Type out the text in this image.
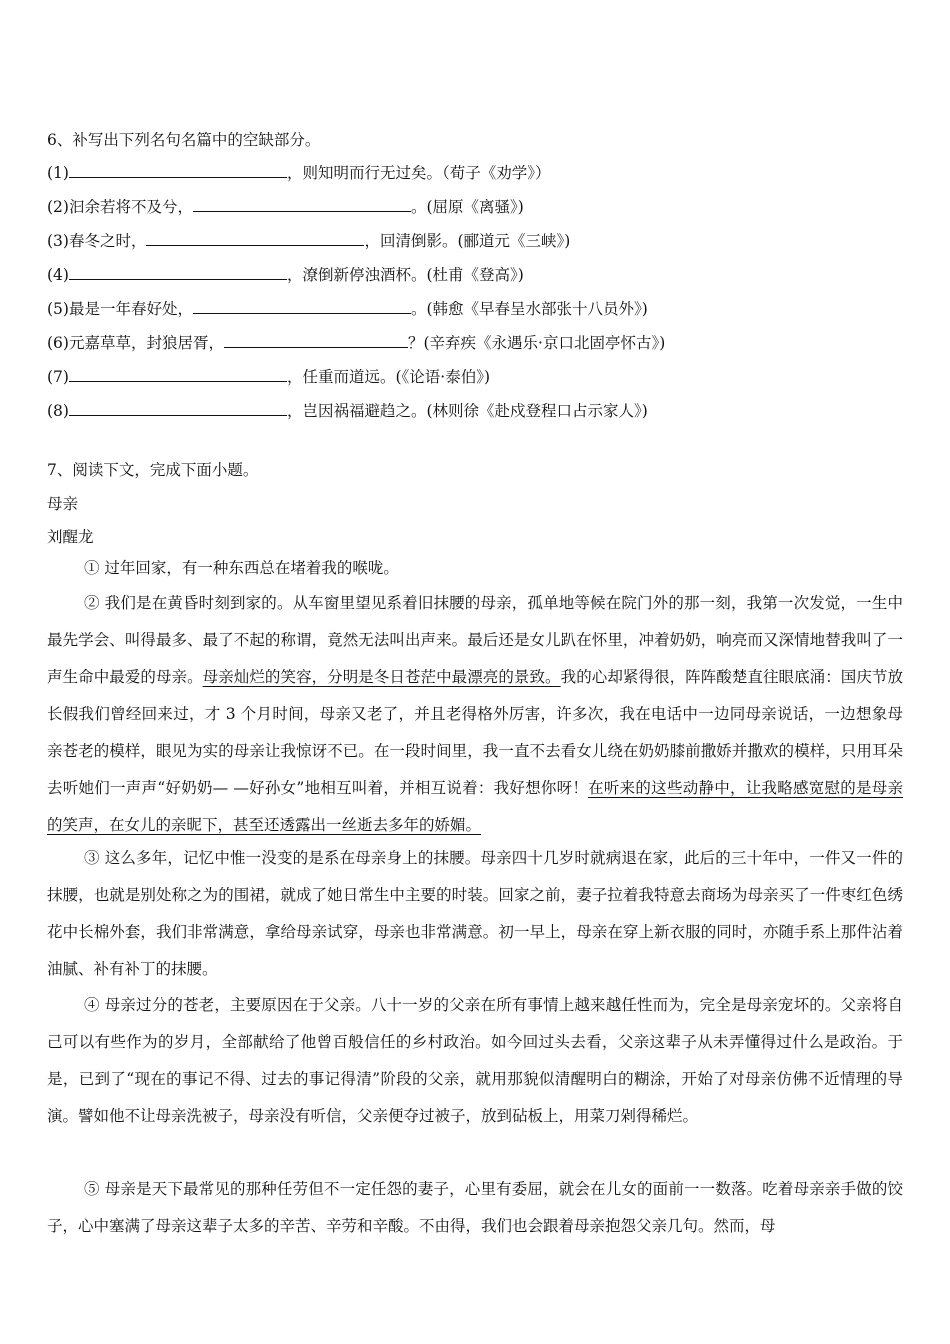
6、补写出下列名句名篇中的空缺部分。
(1)	，则知明而行无过矣。（荀子《劝学》）
(2)汩余若将不及兮，	。(屈原《离骚》)
(3)春冬之时，	，回清倒影。(郦道元《三峡》)
(4)	，潦倒新停浊酒杯。(杜甫《登高》)
(5)最是一年春好处，	。(韩愈《早春呈水部张十八员外》)
(6)元嘉草草，封狼居胥，	？(辛弃疾《永遇乐·京口北固亭怀古》)
(7)	，任重而道远。(《论语·泰伯》)
(8)	，岂因祸福避趋之。(林则徐《赴戍登程口占示家人》)
7、阅读下文，完成下面小题。
母亲
刘醒龙

① 过年回家，有一种东西总在堵着我的喉咙。

② 我们是在黄昏时刻到家的。从车窗里望见系着旧抹腰的母亲，孤单地等候在院门外的那一刻，我第一次发觉，一生中最先学会、叫得最多、最了不起的称谓，竟然无法叫出声来。最后还是女儿趴在怀里，冲着奶奶，响亮而又深情地替我叫了一声生命中最爱的母亲。母亲灿烂的笑容，分明是冬日苍茫中最漂亮的景致。我的心却紧得很，阵阵酸楚直往眼底涌：国庆节放长假我们曾经回来过，才 3 个月时间，母亲又老了，并且老得格外厉害，许多次，我在电话中一边同母亲说话，一边想象母亲苍老的模样，眼见为实的母亲让我惊讶不已。在一段时间里，我一直不去看女儿绕在奶奶膝前撒娇并撒欢的模样，只用耳朵去听她们一声声“好奶奶— —好孙女”地相互叫着，并相互说着：我好想你呀！在听来的这些动静中，让我略感宽慰的是母亲的笑声，在女儿的亲昵下，甚至还透露出一丝逝去多年的娇媚。

③ 这么多年，记忆中惟一没变的是系在母亲身上的抹腰。母亲四十几岁时就病退在家，此后的三十年中，一件又一件的抹腰，也就是别处称之为的围裙，就成了她日常生中主要的时装。回家之前，妻子拉着我特意去商场为母亲买了一件枣红色绣花中长棉外套，我们非常满意，拿给母亲试穿，母亲也非常满意。初一早上，母亲在穿上新衣服的同时，亦随手系上那件沾着油腻、补有补丁的抹腰。

④ 母亲过分的苍老，主要原因在于父亲。八十一岁的父亲在所有事情上越来越任性而为，完全是母亲宠坏的。父亲将自己可以有些作为的岁月，全部献给了他曾百般信任的乡村政治。如今回过头去看，父亲这辈子从未弄懂得过什么是政治。于是，已到了“现在的事记不得、过去的事记得清”阶段的父亲，就用那貌似清醒明白的糊涂，开始了对母亲仿佛不近情理的导演。譬如他不让母亲洗被子，母亲没有听信，父亲便夺过被子，放到砧板上，用菜刀剁得稀烂。

⑤ 母亲是天下最常见的那种任劳但不一定任怨的妻子，心里有委屈，就会在儿女的面前一一数落。吃着母亲亲手做的饺子，心中塞满了母亲这辈子太多的辛苦、辛劳和辛酸。不由得，我们也会跟着母亲抱怨父亲几句。然而，母
